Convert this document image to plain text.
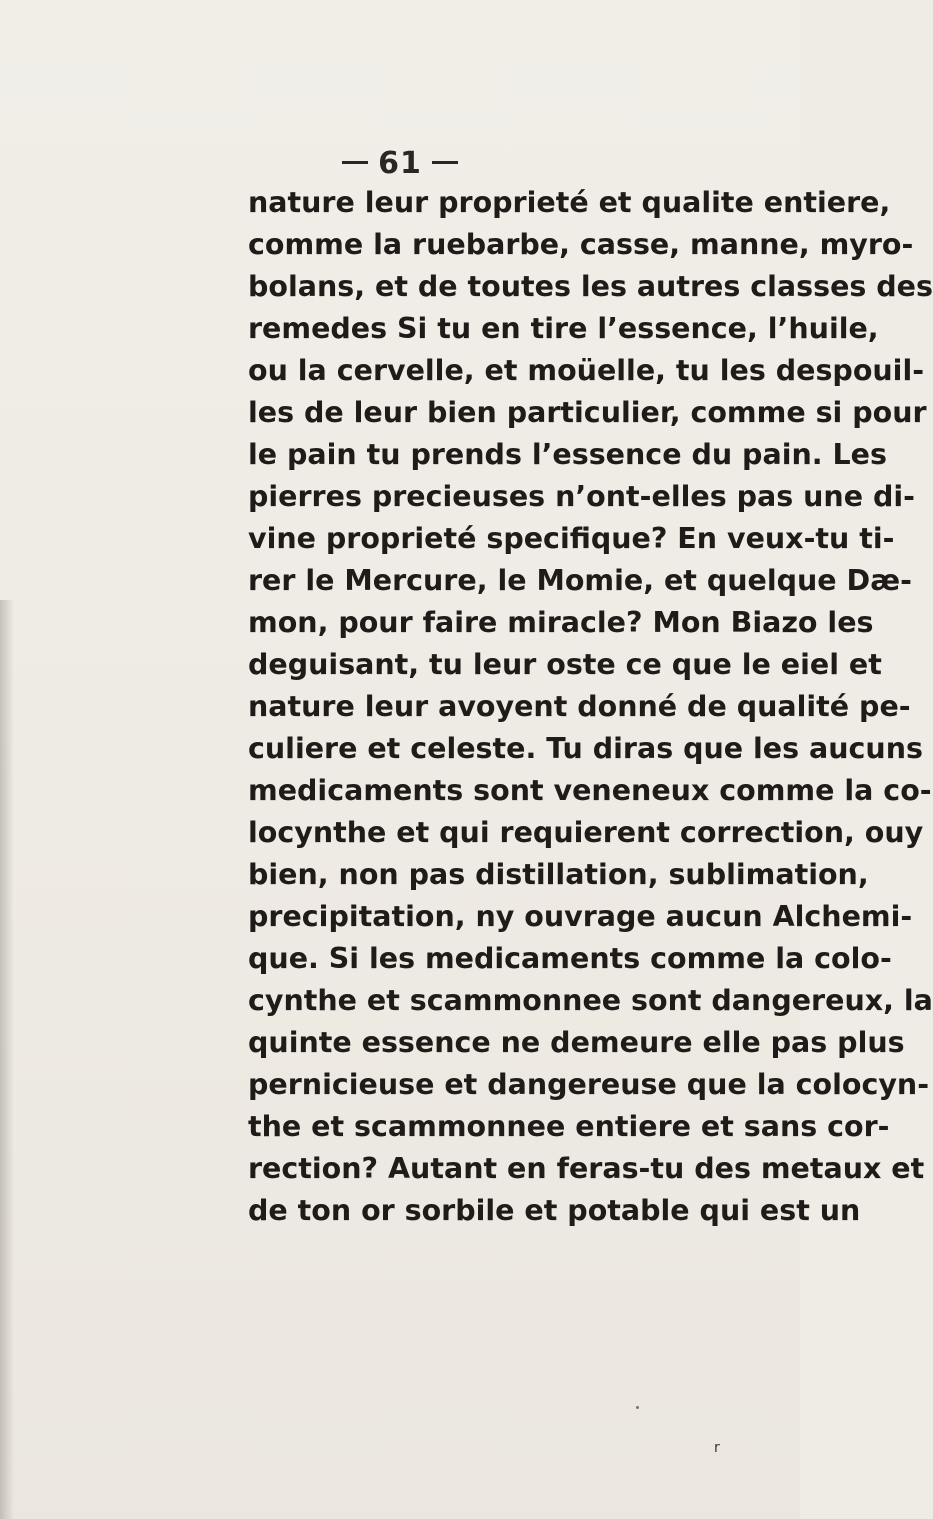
61
nature leur proprieté et qualite entiere,
comme la ruebarbe, casse, manne, myro-
bolans, et de toutes les autres classes des
remedes Si tu en tire l’essence, l’huile,
ou la cervelle, et moüelle, tu les despouil-
les de leur bien particulier, comme si pour
le pain tu prends l’essence du pain. Les
pierres precieuses n’ont-elles pas une di-
vine proprieté specifique? En veux-tu ti-
rer le Mercure, le Momie, et quelque Dæ-
mon, pour faire miracle? Mon Biazo les
deguisant, tu leur oste ce que le eiel et
nature leur avoyent donné de qualité pe-
culiere et celeste. Tu diras que les aucuns
medicaments sont veneneux comme la co-
locynthe et qui requierent correction, ouy
bien, non pas distillation, sublimation,
precipitation, ny ouvrage aucun Alchemi-
que. Si les medicaments comme la colo-
cynthe et scammonnee sont dangereux, la
quinte essence ne demeure elle pas plus
pernicieuse et dangereuse que la colocyn-
the et scammonnee entiere et sans cor-
rection? Autant en feras-tu des metaux et
de ton or sorbile et potable qui est un
r
